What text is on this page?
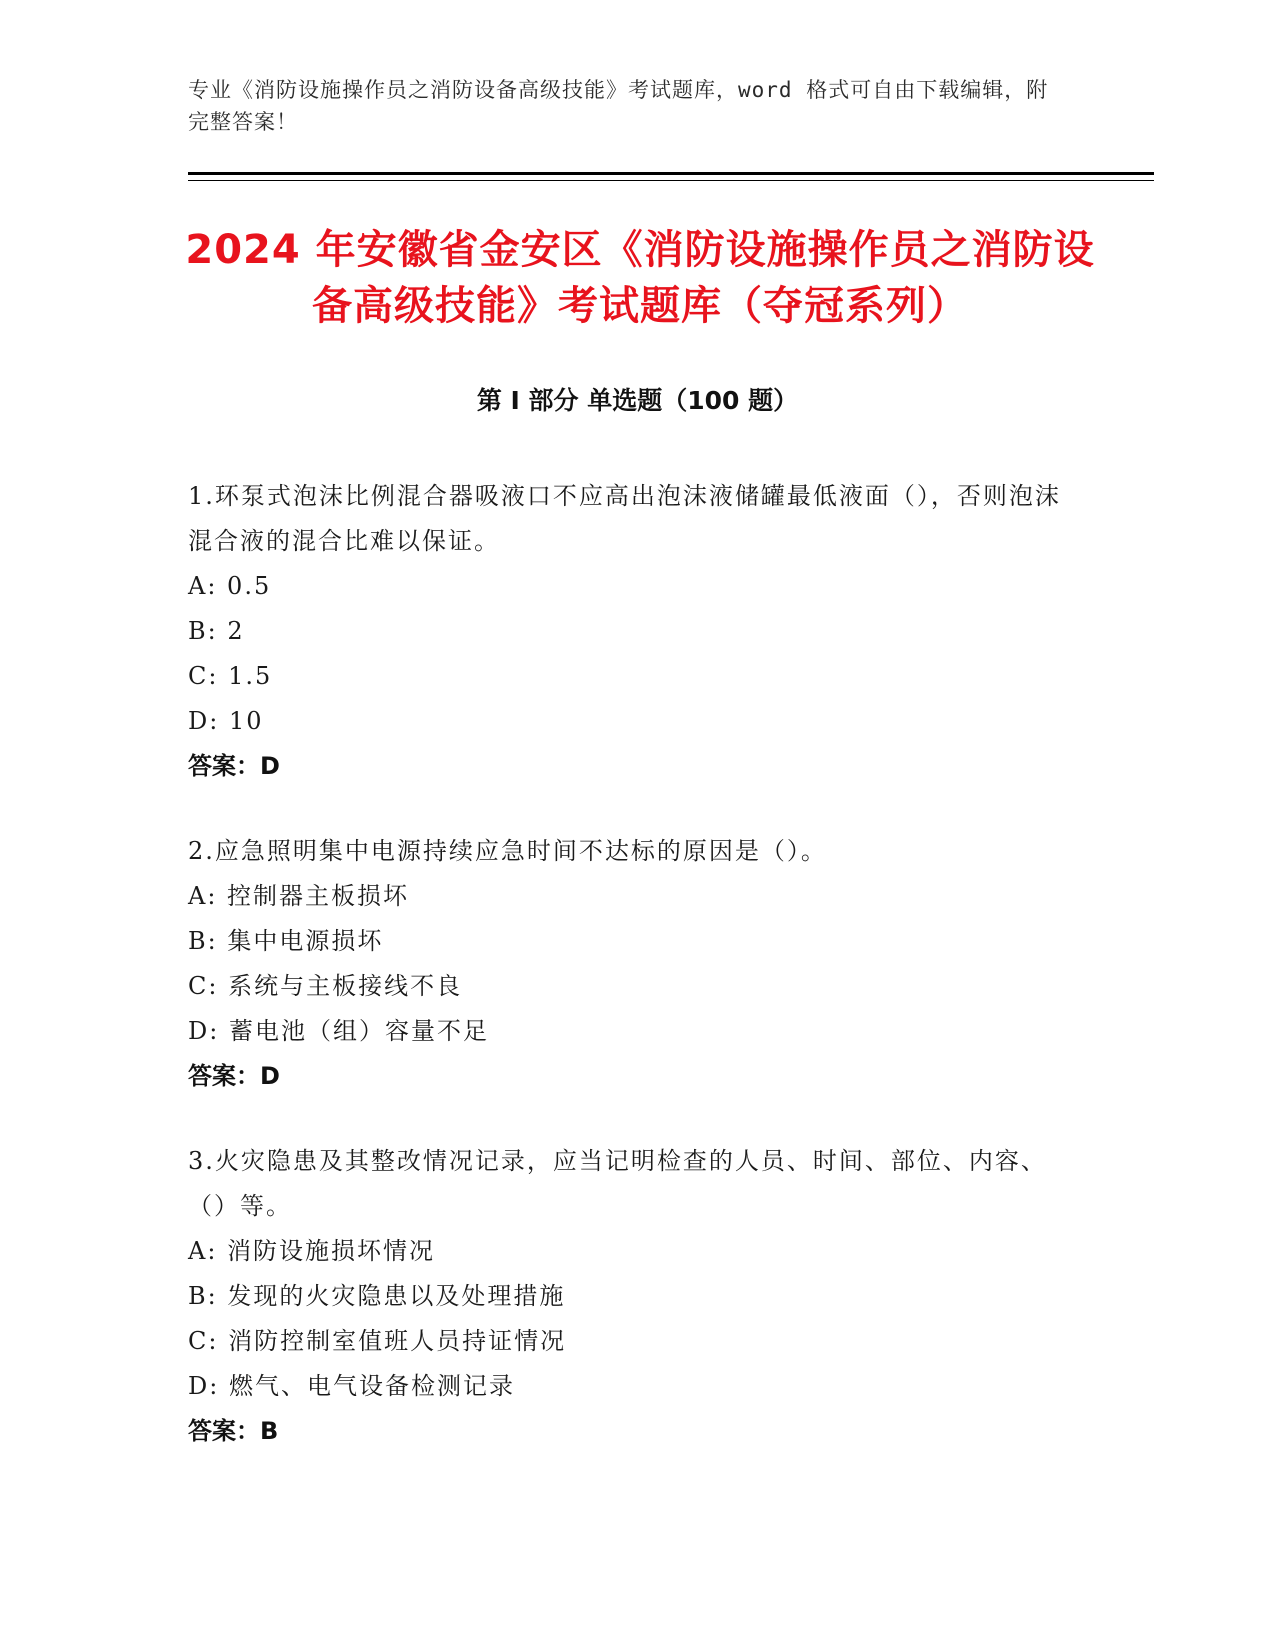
专业《消防设施操作员之消防设备高级技能》考试题库，word 格式可自由下载编辑，附完整答案！
2024 年安徽省金安区《消防设施操作员之消防设备高级技能》考试题库（夺冠系列）
第 I 部分 单选题（100 题）
1.环泵式泡沫比例混合器吸液口不应高出泡沫液储罐最低液面（），否则泡沫混合液的混合比难以保证。
A: 0.5
B: 2
C: 1.5
D: 10
答案：D
2.应急照明集中电源持续应急时间不达标的原因是（）。
A: 控制器主板损坏
B: 集中电源损坏
C: 系统与主板接线不良
D: 蓄电池（组）容量不足
答案：D
3.火灾隐患及其整改情况记录，应当记明检查的人员、时间、部位、内容、（）等。
A: 消防设施损坏情况
B: 发现的火灾隐患以及处理措施
C: 消防控制室值班人员持证情况
D: 燃气、电气设备检测记录
答案：B
